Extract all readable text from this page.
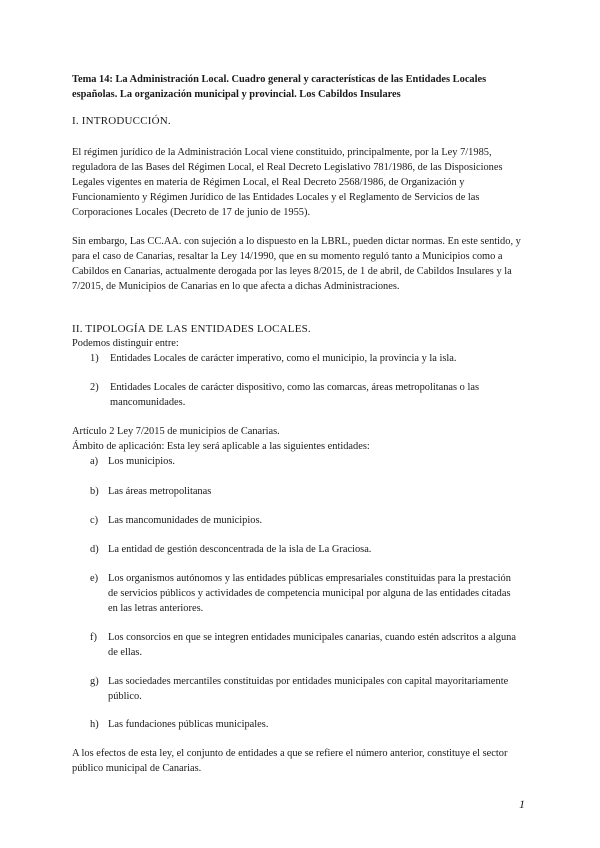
Tema 14: La Administración Local. Cuadro general y características de las Entidades Locales españolas. La organización municipal y provincial. Los Cabildos Insulares
I. INTRODUCCIÓN.
El régimen jurídico de la Administración Local viene constituido, principalmente, por la Ley 7/1985, reguladora de las Bases del Régimen Local, el Real Decreto Legislativo 781/1986, de las Disposiciones Legales vigentes en materia de Régimen Local, el Real Decreto 2568/1986, de Organización y Funcionamiento y Régimen Jurídico de las Entidades Locales y el Reglamento de Servicios de las Corporaciones Locales (Decreto de 17 de junio de 1955).
Sin embargo, Las CC.AA. con sujeción a lo dispuesto en la LBRL, pueden dictar normas. En este sentido, y para el caso de Canarias, resaltar la Ley 14/1990, que en su momento reguló tanto a Municipios como a Cabildos en Canarias, actualmente derogada por las leyes 8/2015, de 1 de abril, de Cabildos Insulares y la 7/2015, de Municipios de Canarias en lo que afecta a dichas Administraciones.
II. TIPOLOGÍA DE LAS ENTIDADES LOCALES.
Podemos distinguir entre:
1) Entidades Locales de carácter imperativo, como el municipio, la provincia y la isla.
2) Entidades Locales de carácter dispositivo, como las comarcas, áreas metropolitanas o las mancomunidades.
Artículo 2 Ley 7/2015 de municipios de Canarias.
Ámbito de aplicación: Esta ley será aplicable a las siguientes entidades:
a) Los municipios.
b) Las áreas metropolitanas
c) Las mancomunidades de municipios.
d) La entidad de gestión desconcentrada de la isla de La Graciosa.
e) Los organismos autónomos y las entidades públicas empresariales constituidas para la prestación de servicios públicos y actividades de competencia municipal por alguna de las entidades citadas en las letras anteriores.
f) Los consorcios en que se integren entidades municipales canarias, cuando estén adscritos a alguna de ellas.
g) Las sociedades mercantiles constituidas por entidades municipales con capital mayoritariamente público.
h) Las fundaciones públicas municipales.
A los efectos de esta ley, el conjunto de entidades a que se refiere el número anterior, constituye el sector público municipal de Canarias.
1
